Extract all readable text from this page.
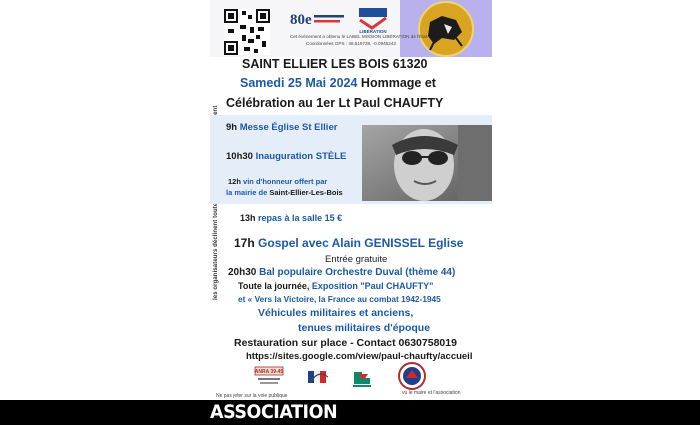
80e
LIBÉRATION
Cet événement a obtenu le LABEL MISSION LIBÉRATION de l'État
Coordonnées GPS : 48.519738, -0.0945243
SAINT ELLIER LES BOIS 61320
Samedi 25 Mai 2024 Hommage et
Célébration au 1er Lt Paul CHAUFTY
9h Messe Église St Ellier
10h30 Inauguration STÈLE
12h vin d'honneur offert par
la mairie de Saint-Ellier-Les-Bois
13h repas à la salle 15 €
17h Gospel avec Alain GENISSEL Eglise
Entrée gratuite
20h30 Bal populaire Orchestre Duval (thème 44)
Toute la journée, Exposition "Paul CHAUFTY"
et « Vers la Victoire, la France au combat 1942-1945
Véhicules militaires et anciens,
tenues militaires d'époque
Restauration sur place - Contact 0630758019
https://sites.google.com/view/paul-chaufty/accueil
ANRA 39-45
Ne pas jeter sur la voie publique	vu le maire et l'association
ASSOCIATION
